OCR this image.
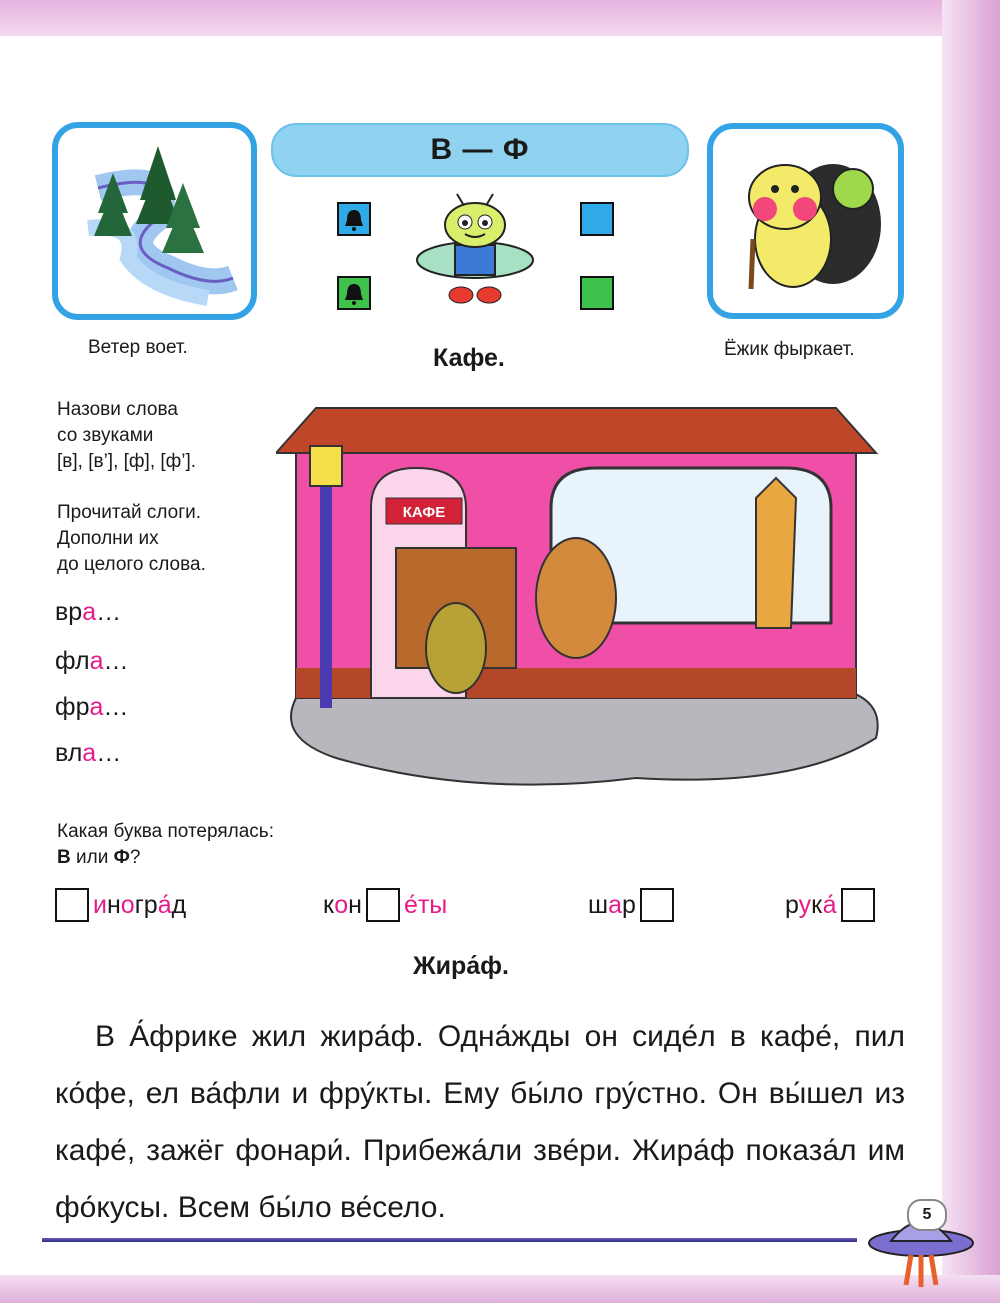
В — Ф
Ветер воет.	Кафе.	Ёжик фыркает.
Назови слова
со звуками
[в], [в’], [ф], [ф’].
Прочитай слоги.
Дополни их
до целого слова.
вра…
фла…
фра…
вла…
КАФЕ
Какая буква потерялась:
В или Ф?
иногра́д	кон е́ты	шар	рука́
Жира́ф.

В А́фрике жил жира́ф. Одна́жды он сиде́л в кафе́, пил ко́фе, ел ва́фли и фру́кты. Ему бы́ло гру́стно. Он вы́шел из кафе́, зажёг фонари́. Прибежа́ли зве́ри. Жира́ф показа́л им фо́кусы. Всем бы́ло ве́село.	5
